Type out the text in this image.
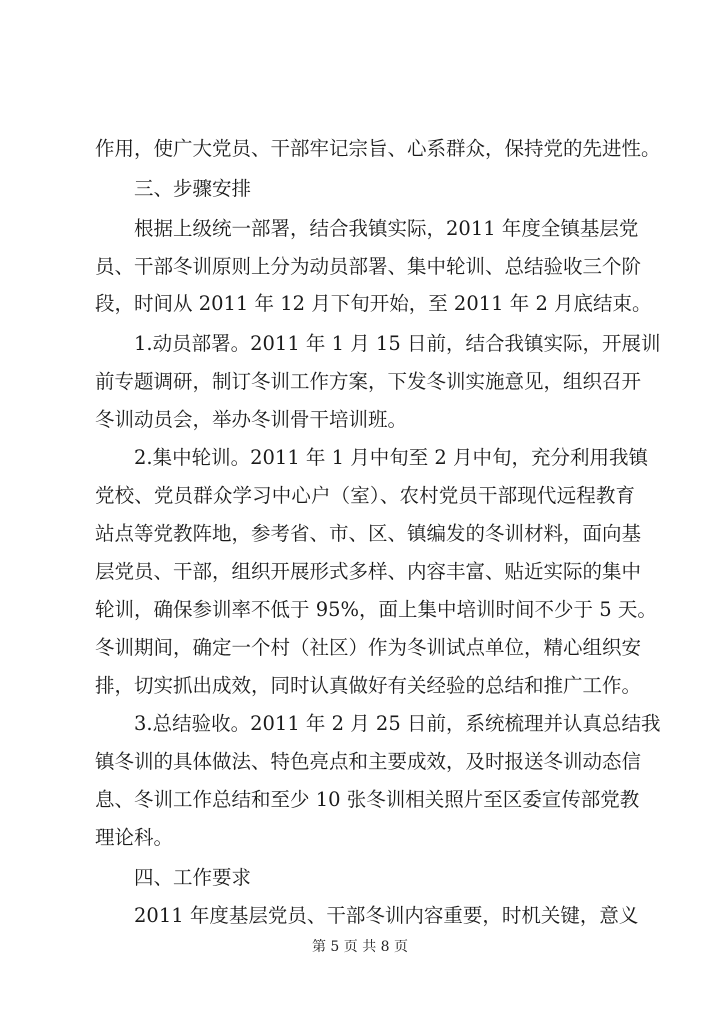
作用，使广大党员、干部牢记宗旨、心系群众，保持党的先进性。
三、步骤安排
根据上级统一部署，结合我镇实际，2011 年度全镇基层党
员、干部冬训原则上分为动员部署、集中轮训、总结验收三个阶
段，时间从 2011 年 12 月下旬开始，至 2011 年 2 月底结束。
1.动员部署。2011 年 1 月 15 日前，结合我镇实际，开展训
前专题调研，制订冬训工作方案，下发冬训实施意见，组织召开
冬训动员会，举办冬训骨干培训班。
2.集中轮训。2011 年 1 月中旬至 2 月中旬，充分利用我镇
党校、党员群众学习中心户（室）、农村党员干部现代远程教育
站点等党教阵地，参考省、市、区、镇编发的冬训材料，面向基
层党员、干部，组织开展形式多样、内容丰富、贴近实际的集中
轮训，确保参训率不低于 95%，面上集中培训时间不少于 5 天。
冬训期间，确定一个村（社区）作为冬训试点单位，精心组织安
排，切实抓出成效，同时认真做好有关经验的总结和推广工作。
3.总结验收。2011 年 2 月 25 日前，系统梳理并认真总结我
镇冬训的具体做法、特色亮点和主要成效，及时报送冬训动态信
息、冬训工作总结和至少 10 张冬训相关照片至区委宣传部党教
理论科。
四、工作要求
2011 年度基层党员、干部冬训内容重要，时机关键，意义
第 5 页 共 8 页
